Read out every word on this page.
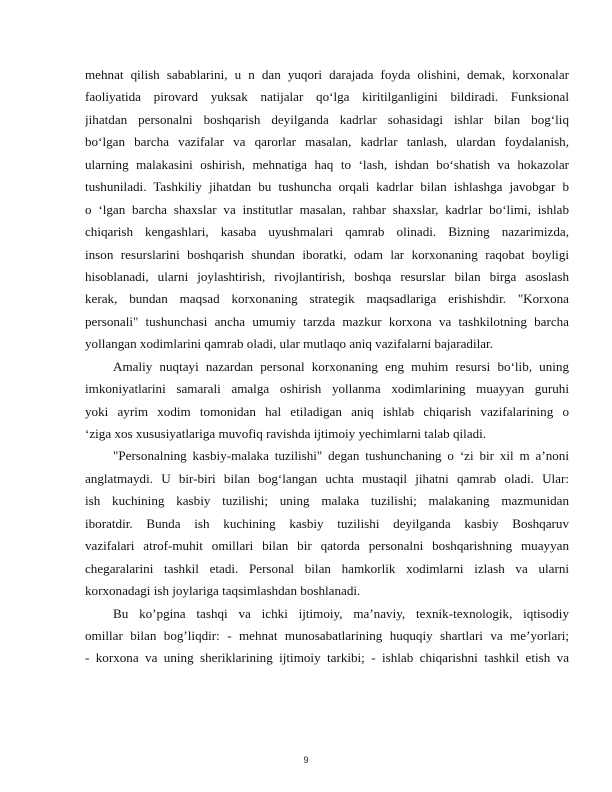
mehnat qilish sabablarini, u n dan yuqori darajada foyda olishini, demak, korxonalar
faoliyatida pirovard yuksak natijalar qo‘lga kiritilganligini bildiradi. Funksional
jihatdan personalni boshqarish deyilganda kadrlar sohasidagi ishlar bilan bog‘liq
bo‘lgan barcha vazifalar va qarorlar masalan, kadrlar tanlash, ulardan foydalanish,
ularning malakasini oshirish, mehnatiga haq to ‘lash, ishdan bo‘shatish va hokazolar
tushuniladi. Tashkiliy jihatdan bu tushuncha orqali kadrlar bilan ishlashga javobgar b
o ‘lgan barcha shaxslar va institutlar masalan, rahbar shaxslar, kadrlar bo‘limi, ishlab
chiqarish kengashlari, kasaba uyushmalari qamrab olinadi. Bizning nazarimizda,
inson resurslarini boshqarish shundan iboratki, odam lar korxonaning raqobat boyligi
hisoblanadi, ularni joylashtirish, rivojlantirish, boshqa resurslar bilan birga asoslash
kerak, bundan maqsad korxonaning strategik maqsadlariga erishishdir. "Korxona
personali" tushunchasi ancha umumiy tarzda mazkur korxona va tashkilotning barcha
yollangan xodimlarini qamrab oladi, ular mutlaqo aniq vazifalarni bajaradilar.
Amaliy nuqtayi nazardan personal korxonaning eng muhim resursi bo‘lib, uning
imkoniyatlarini samarali amalga oshirish yollanma xodimlarining muayyan guruhi
yoki ayrim xodim tomonidan hal etiladigan aniq ishlab chiqarish vazifalarining o
‘ziga xos xususiyatlariga muvofiq ravishda ijtimoiy yechimlarni talab qiladi.
"Personalning kasbiy-malaka tuzilishi" degan tushunchaning o ‘zi bir xil m a’noni
anglatmaydi. U bir-biri bilan bog‘langan uchta mustaqil jihatni qamrab oladi. Ular:
ish kuchining kasbiy tuzilishi; uning malaka tuzilishi; malakaning mazmunidan
iboratdir. Bunda ish kuchining kasbiy tuzilishi deyilganda kasbiy Boshqaruv
vazifalari atrof-muhit omillari bilan bir qatorda personalni boshqarishning muayyan
chegaralarini tashkil etadi. Personal bilan hamkorlik xodimlarni izlash va ularni
korxonadagi ish joylariga taqsimlashdan boshlanadi.
Bu ko’pgina tashqi va ichki ijtimoiy, ma’naviy, texnik-texnologik, iqtisodiy
omillar bilan bog’liqdir: - mehnat munosabatlarining huquqiy shartlari va me’yorlari;
- korxona va uning sheriklarining ijtimoiy tarkibi; - ishlab chiqarishni tashkil etish va
9
